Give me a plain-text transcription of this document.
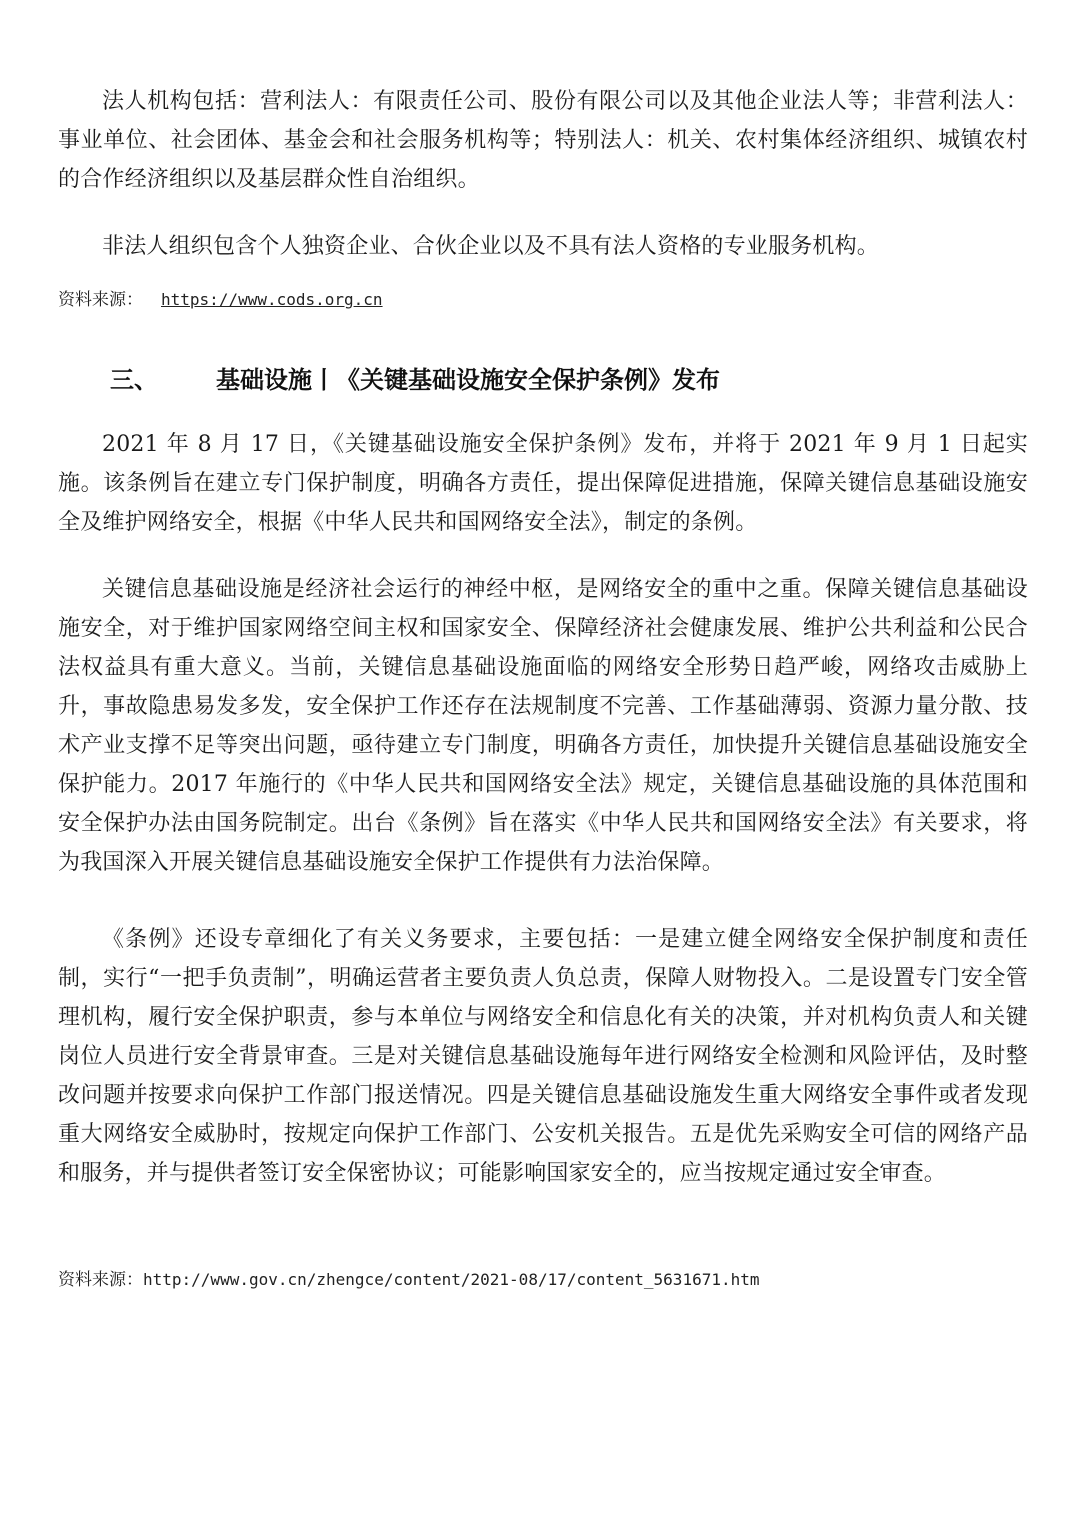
法人机构包括：营利法人：有限责任公司、股份有限公司以及其他企业法人等；非营利法人：事业单位、社会团体、基金会和社会服务机构等；特别法人：机关、农村集体经济组织、城镇农村的合作经济组织以及基层群众性自治组织。

非法人组织包含个人独资企业、合伙企业以及不具有法人资格的专业服务机构。

资料来源： https://www.cods.org.cn

三、 基础设施丨《关键基础设施安全保护条例》发布

2021 年 8 月 17 日，《关键基础设施安全保护条例》发布，并将于 2021 年 9 月 1 日起实施。该条例旨在建立专门保护制度，明确各方责任，提出保障促进措施，保障关键信息基础设施安全及维护网络安全，根据《中华人民共和国网络安全法》，制定的条例。

关键信息基础设施是经济社会运行的神经中枢，是网络安全的重中之重。保障关键信息基础设施安全，对于维护国家网络空间主权和国家安全、保障经济社会健康发展、维护公共利益和公民合法权益具有重大意义。当前，关键信息基础设施面临的网络安全形势日趋严峻，网络攻击威胁上升，事故隐患易发多发，安全保护工作还存在法规制度不完善、工作基础薄弱、资源力量分散、技术产业支撑不足等突出问题，亟待建立专门制度，明确各方责任，加快提升关键信息基础设施安全保护能力。2017 年施行的《中华人民共和国网络安全法》规定，关键信息基础设施的具体范围和安全保护办法由国务院制定。出台《条例》旨在落实《中华人民共和国网络安全法》有关要求，将为我国深入开展关键信息基础设施安全保护工作提供有力法治保障。

《条例》还设专章细化了有关义务要求，主要包括：一是建立健全网络安全保护制度和责任制，实行“一把手负责制”，明确运营者主要负责人负总责，保障人财物投入。二是设置专门安全管理机构，履行安全保护职责，参与本单位与网络安全和信息化有关的决策，并对机构负责人和关键岗位人员进行安全背景审查。三是对关键信息基础设施每年进行网络安全检测和风险评估，及时整改问题并按要求向保护工作部门报送情况。四是关键信息基础设施发生重大网络安全事件或者发现重大网络安全威胁时，按规定向保护工作部门、公安机关报告。五是优先采购安全可信的网络产品和服务，并与提供者签订安全保密协议；可能影响国家安全的，应当按规定通过安全审查。

资料来源：http://www.gov.cn/zhengce/content/2021-08/17/content_5631671.htm
